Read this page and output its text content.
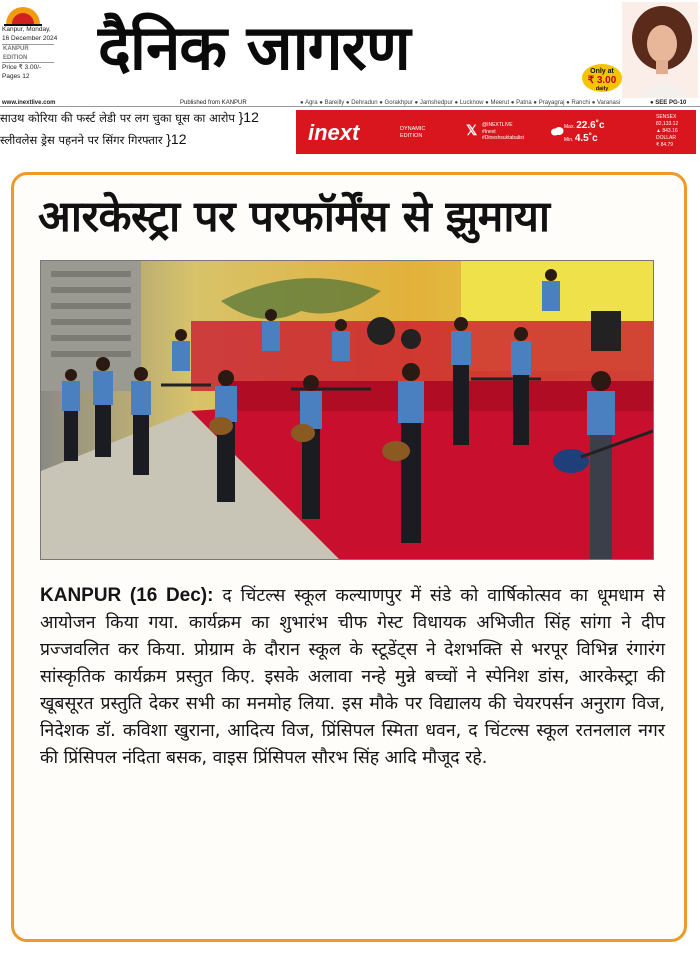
Kanpur, Monday,
16 December 2024
KANPUR EDITION
Price ₹ 3.00/-
Pages 12	दैनिक जागरण	Only at
₹ 3.00
daily
www.inextlive.com	Published from KANPUR	● Agra ● Bareilly ● Dehradun ● Gorakhpur ● Jamshedpur ● Lucknow ● Meerut ● Patna ● Prayagraj ● Ranchi ● Varanasi	● SEE PG-10
साउथ कोरिया की फर्स्ट लेडी पर लग चुका घूस का आरोप }12
स्लीवलेस ड्रेस पहनने पर सिंगर गिरफ्तार }12	inext	DYNAMIC
EDITION	𝕏 @INEXTLIVE
#Inext
#Dineshsuktabalist
Max. 22.6˚c
Min. 4.5˚c
SENSEX
82,133.12
▲ 843.16
DOLLAR
₹ 84.79
आरकेस्ट्रा पर परफॉर्मेंस से झुमाया

KANPUR (16 Dec): द चिंटल्स स्कूल कल्याणपुर में संडे को वार्षिकोत्सव का धूमधाम से आयोजन किया गया. कार्यक्रम का शुभारंभ चीफ गेस्ट विधायक अभिजीत सिंह सांगा ने दीप प्रज्जवलित कर किया. प्रोग्राम के दौरान स्कूल के स्टूडेंट्स ने देशभक्ति से भरपूर विभिन्न रंगारंग सांस्कृतिक कार्यक्रम प्रस्तुत किए. इसके अलावा नन्हे मुन्ने बच्चों ने स्पेनिश डांस, आरकेस्ट्रा की खूबसूरत प्रस्तुति देकर सभी का मनमोह लिया. इस मौके पर विद्यालय की चेयरपर्सन अनुराग विज, निदेशक डॉ. कविशा खुराना, आदित्य विज, प्रिंसिपल स्मिता धवन, द चिंटल्स स्कूल रतनलाल नगर की प्रिंसिपल नंदिता बसक, वाइस प्रिंसिपल सौरभ सिंह आदि मौजूद रहे.
